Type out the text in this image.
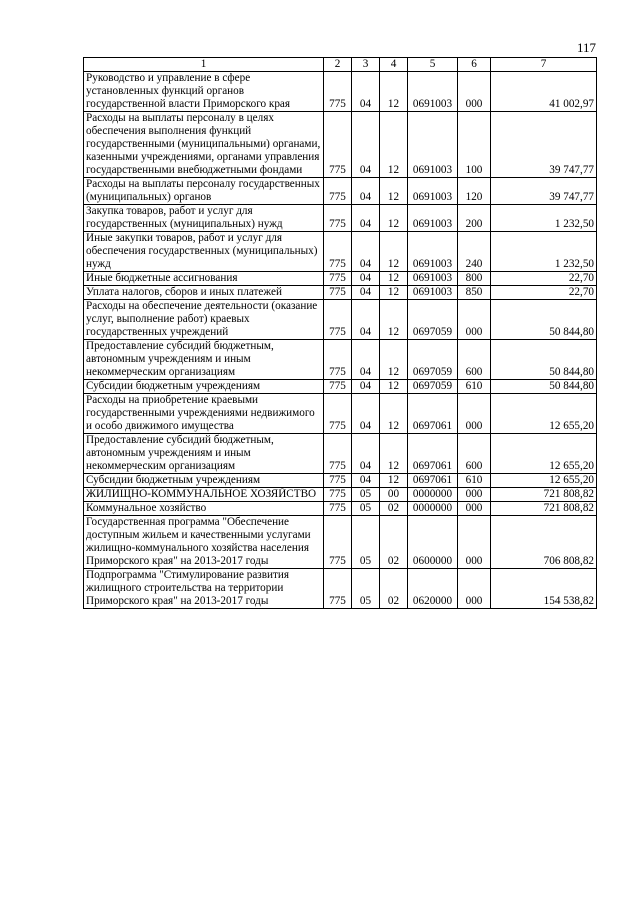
117
1	2	3	4	5	6	7
Руководство и управление в сфере установленных функций органов государственной власти Приморского края	775	04	12	0691003	000	41 002,97
Расходы на выплаты персоналу в целях обеспечения выполнения функций государственными (муниципальными) органами, казенными учреждениями, органами управления государственными внебюджетными фондами	775	04	12	0691003	100	39 747,77
Расходы на выплаты персоналу государственных (муниципальных) органов	775	04	12	0691003	120	39 747,77
Закупка товаров, работ и услуг для государственных (муниципальных) нужд	775	04	12	0691003	200	1 232,50
Иные закупки товаров, работ и услуг для обеспечения государственных (муниципальных) нужд	775	04	12	0691003	240	1 232,50
Иные бюджетные ассигнования	775	04	12	0691003	800	22,70
Уплата налогов, сборов и иных платежей	775	04	12	0691003	850	22,70
Расходы на обеспечение деятельности (оказание услуг, выполнение работ) краевых государственных учреждений	775	04	12	0697059	000	50 844,80
Предоставление субсидий бюджетным, автономным учреждениям и иным некоммерческим организациям	775	04	12	0697059	600	50 844,80
Субсидии бюджетным учреждениям	775	04	12	0697059	610	50 844,80
Расходы на приобретение краевыми государственными учреждениями недвижимого и особо движимого имущества	775	04	12	0697061	000	12 655,20
Предоставление субсидий бюджетным, автономным учреждениям и иным некоммерческим организациям	775	04	12	0697061	600	12 655,20
Субсидии бюджетным учреждениям	775	04	12	0697061	610	12 655,20
ЖИЛИЩНО-КОММУНАЛЬНОЕ ХОЗЯЙСТВО	775	05	00	0000000	000	721 808,82
Коммунальное хозяйство	775	05	02	0000000	000	721 808,82
Государственная программа "Обеспечение доступным жильем и качественными услугами жилищно-коммунального хозяйства населения Приморского края" на 2013-2017 годы	775	05	02	0600000	000	706 808,82
Подпрограмма "Стимулирование развития жилищного строительства на территории Приморского края" на 2013-2017 годы	775	05	02	0620000	000	154 538,82
